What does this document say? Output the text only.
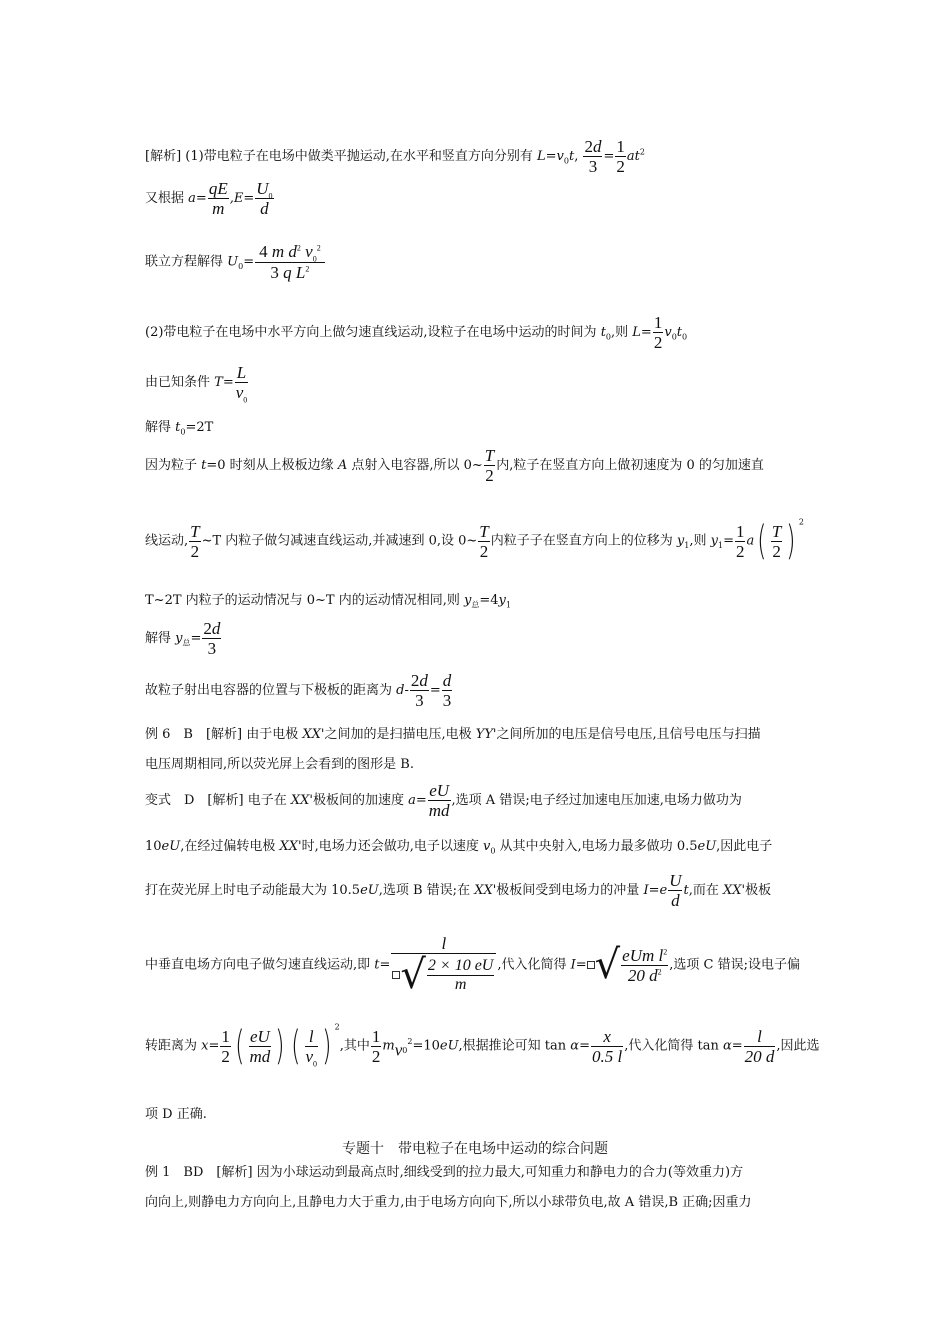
[解析] (1)带电粒子在电场中做类平抛运动,在水平和竖直方向分别有 $L=v_0t$, $\frac{2d}{3} = \frac{1}{2} at^2$
又根据 $a= \frac{qE}{m} ,E= \frac{U_0}{d}$
联立方程解得 $U_0= \frac{4 m d^2 v_0^2}{3 q L^2}$
(2)带电粒子在电场中水平方向上做匀速直线运动,设粒子在电场中运动的时间为 $t_0$,则 $L= \frac{1}{2} v_0t_0$
由已知条件 $T= \frac{L}{v_0}$
解得 $t_0=2T$
因为粒子 t=0 时刻从上极板边缘 A 点射入电容器,所以 0~ $\frac{T}{2}$ 内,粒子在竖直方向上做初速度为 0 的匀加速直
线运动, $\frac{T}{2}$ ~T 内粒子做匀减速直线运动,并减速到 0,设 0~ $\frac{T}{2}$ 内粒子子在竖直方向上的位移为 $y_1$,则 $y_1= \frac{1}{2} a( \frac{T}{2}$ ) $^2$
T~2T 内粒子的运动情况与 0~T 内的运动情况相同,则 $y_总=4y_1$
解得 $y_总= \frac{2d}{3}$
故粒子射出电容器的位置与下极板的距离为 $d- \frac{2d}{3} = \frac{d}{3}$
例 6　B　[解析] 由于电极 XX'之间加的是扫描电压,电极 YY'之间所加的电压是信号电压,且信号电压与扫描
电压周期相同,所以荧光屏上会看到的图形是 B.
变式　D　[解析] 电子在 XX'极板间的加速度 $a= \frac{eU}{md}$ ,选项 A 错误;电子经过加速电压加速,电场力做功为
10eU,在经过偏转电极 XX'时,电场力还会做功,电子以速度 $v_0$ 从其中央射入,电场力最多做功 0.5eU,因此电子
打在荧光屏上时电子动能最大为 10.5eU,选项 B 错误;在 XX'极板间受到电场力的冲量 $I=e \frac{U}{d} t$,而在 XX'极板
中垂直电场方向电子做匀速直线运动,即 $t= \frac{l}{√ \frac{2 \times 10 eU}{m}}$ ,代入化简得 I= √ $\frac{eUm l^2}{20 d^2}$ ,选项 C 错误;设电子偏
转距离为 $x= \frac{1}{2}$ ( $\frac{eU}{md}$ ) ( $\frac{l}{v_0}$ ) $^2$,其中 $\frac{1}{2} mv_0^2=10eU$,根据推论可知 $\tan \alpha= \frac{x}{0.5 l}$ ,代入化简得 $\tan \alpha= \frac{l}{20 d}$ ,因此选
项 D 正确.
专题十　带电粒子在电场中运动的综合问题
例 1　BD　[解析] 因为小球运动到最高点时,细线受到的拉力最大,可知重力和静电力的合力(等效重力)方
向向上,则静电力方向向上,且静电力大于重力,由于电场方向向下,所以小球带负电,故 A 错误,B 正确;因重力
